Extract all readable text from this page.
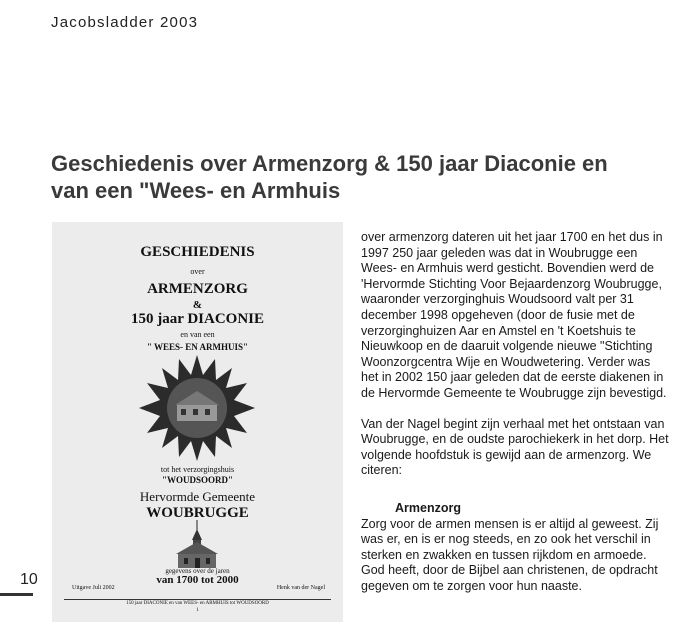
Jacobsladder 2003
Geschiedenis over Armenzorg & 150 jaar Diaconie en
van een "Wees- en Armhuis
GESCHIEDENIS
over
ARMENZORG
&
150 jaar DIACONIE
en van een
" WEES- EN ARMHUIS"
tot het verzorgingshuis
"WOUDSOORD"
Hervormde Gemeente
WOUBRUGGE
gegevens over de jaren
van 1700 tot 2000
Uitgave Juli 2002	Henk van der Nagel
150 jaar DIACONIE en van WEES- en ARMHUIS tot WOUDSOORD
1

over armenzorg dateren uit het jaar 1700 en het dus in 1997 250 jaar geleden was dat in Woubrugge een Wees- en Armhuis werd gesticht. Bovendien werd de 'Hervormde Stichting Voor Bejaardenzorg Woubrugge, waaronder verzorginghuis Woudsoord valt per 31 december 1998 opgeheven (door de fusie met de verzorginghuizen Aar en Amstel en 't Koetshuis te Nieuwkoop en de daaruit volgende nieuwe "Stichting Woonzorgcentra Wije en Woudwetering. Verder was het in 2002 150 jaar geleden dat de eerste diakenen in de Hervormde Gemeente te Woubrugge zijn bevestigd.

Van der Nagel begint zijn verhaal met het ontstaan van Woubrugge, en de oudste parochiekerk in het dorp. Het volgende hoofdstuk is gewijd aan de armenzorg. We citeren:

Armenzorg
Zorg voor de armen mensen is er altijd al geweest. Zij was er, en is er nog steeds, en zo ook het verschil in sterken en zwakken en tussen rijkdom en armoede.
God heeft, door de Bijbel aan christenen, de opdracht gegeven om te zorgen voor hun naaste.
10
